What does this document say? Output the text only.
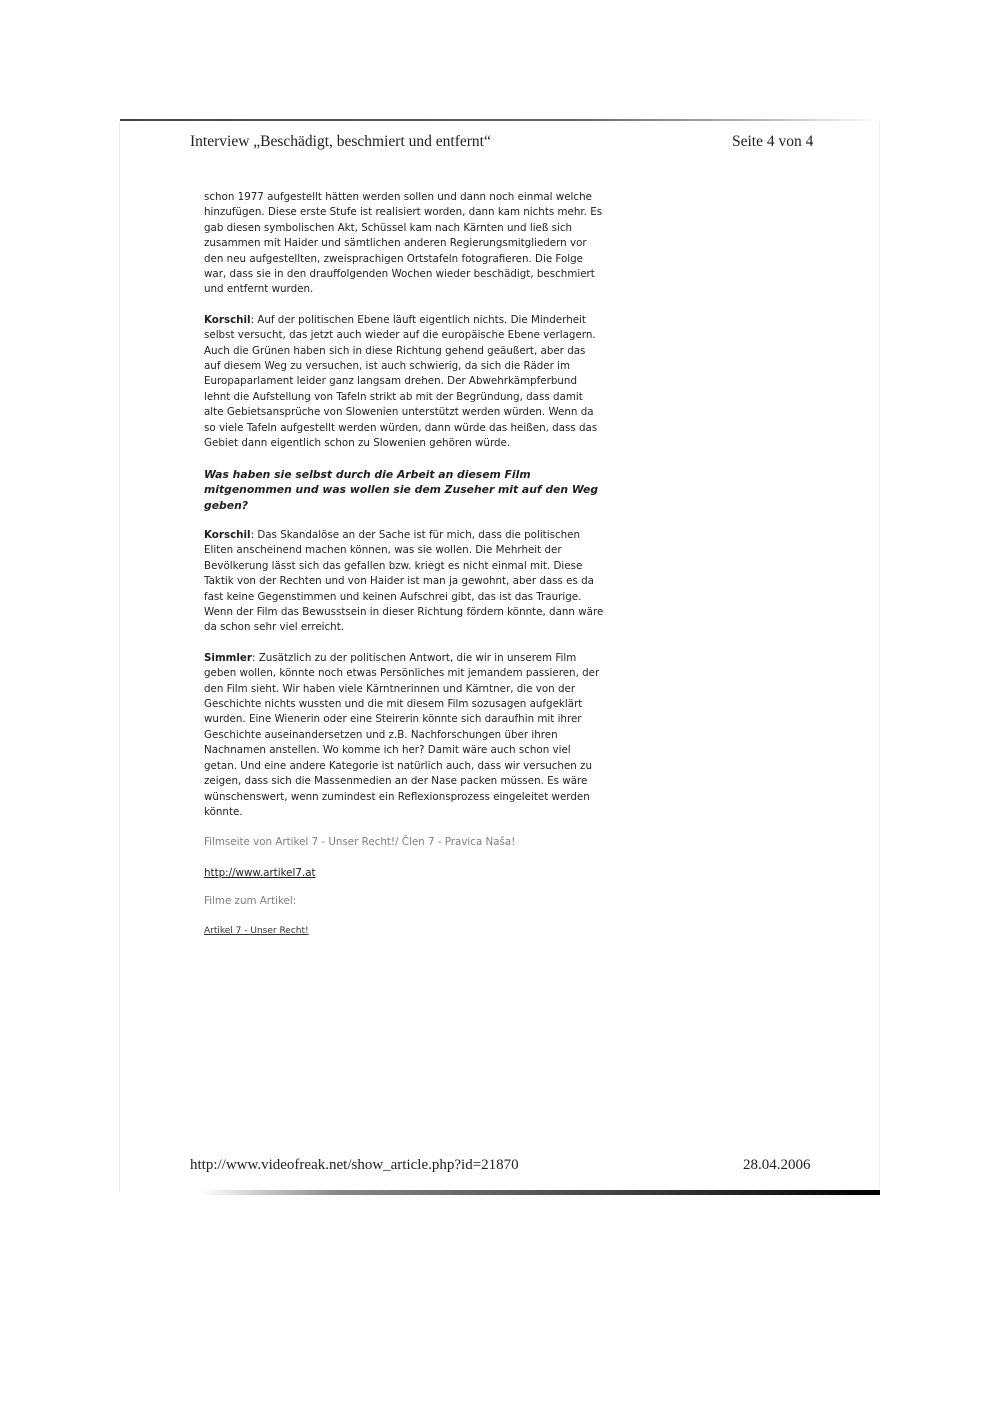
Interview „Beschädigt, beschmiert und entfernt“	Seite 4 von 4

schon 1977 aufgestellt hätten werden sollen und dann noch einmal welche hinzufügen. Diese erste Stufe ist realisiert worden, dann kam nichts mehr. Es gab diesen symbolischen Akt, Schüssel kam nach Kärnten und ließ sich zusammen mit Haider und sämtlichen anderen Regierungsmitgliedern vor den neu aufgestellten, zweisprachigen Ortstafeln fotografieren. Die Folge war, dass sie in den drauffolgenden Wochen wieder beschädigt, beschmiert und entfernt wurden.

Korschil: Auf der politischen Ebene läuft eigentlich nichts. Die Minderheit selbst versucht, das jetzt auch wieder auf die europäische Ebene verlagern. Auch die Grünen haben sich in diese Richtung gehend geäußert, aber das auf diesem Weg zu versuchen, ist auch schwierig, da sich die Räder im Europaparlament leider ganz langsam drehen. Der Abwehrkämpferbund lehnt die Aufstellung von Tafeln strikt ab mit der Begründung, dass damit alte Gebietsansprüche von Slowenien unterstützt werden würden. Wenn da so viele Tafeln aufgestellt werden würden, dann würde das heißen, dass das Gebiet dann eigentlich schon zu Slowenien gehören würde.

Was haben sie selbst durch die Arbeit an diesem Film mitgenommen und was wollen sie dem Zuseher mit auf den Weg geben?

Korschil: Das Skandalöse an der Sache ist für mich, dass die politischen Eliten anscheinend machen können, was sie wollen. Die Mehrheit der Bevölkerung lässt sich das gefallen bzw. kriegt es nicht einmal mit. Diese Taktik von der Rechten und von Haider ist man ja gewohnt, aber dass es da fast keine Gegenstimmen und keinen Aufschrei gibt, das ist das Traurige. Wenn der Film das Bewusstsein in dieser Richtung fördern könnte, dann wäre da schon sehr viel erreicht.

Simmler: Zusätzlich zu der politischen Antwort, die wir in unserem Film geben wollen, könnte noch etwas Persönliches mit jemandem passieren, der den Film sieht. Wir haben viele Kärntnerinnen und Kärntner, die von der Geschichte nichts wussten und die mit diesem Film sozusagen aufgeklärt wurden. Eine Wienerin oder eine Steirerin könnte sich daraufhin mit ihrer Geschichte auseinandersetzen und z.B. Nachforschungen über ihren Nachnamen anstellen. Wo komme ich her? Damit wäre auch schon viel getan. Und eine andere Kategorie ist natürlich auch, dass wir versuchen zu zeigen, dass sich die Massenmedien an der Nase packen müssen. Es wäre wünschenswert, wenn zumindest ein Reflexionsprozess eingeleitet werden könnte.

Filmseite von Artikel 7 - Unser Recht!/ Člen 7 - Pravica Naša!

http://www.artikel7.at

Filme zum Artikel:

Artikel 7 - Unser Recht!
http://www.videofreak.net/show_article.php?id=21870	28.04.2006
